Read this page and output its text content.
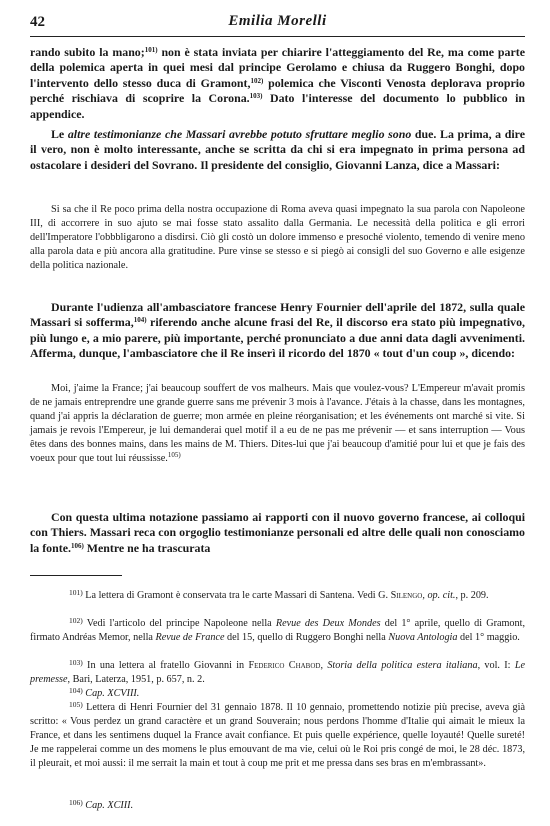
42	Emilia Morelli

rando subito la mano;$^{101)}$ non è stata inviata per chiarire l'atteggiamento del Re, ma come parte della polemica aperta in quei mesi dal principe Gerolamo e chiusa da Ruggero Bonghi, dopo l'intervento dello stesso duca di Gramont,$^{102)}$ polemica che Visconti Venosta deplorava proprio perché rischiava di scoprire la Corona.$^{103)}$ Dato l'interesse del documento lo pubblico in appendice.

Le altre testimonianze che Massari avrebbe potuto sfruttare meglio sono due. La prima, a dire il vero, non è molto interessante, anche se scritta da chi si era impegnato in prima persona ad ostacolare i desideri del Sovrano. Il presidente del consiglio, Giovanni Lanza, dice a Massari:

Si sa che il Re poco prima della nostra occupazione di Roma aveva quasi impegnato la sua parola con Napoleone III, di accorrere in suo ajuto se mai fosse stato assalito dalla Germania. Le necessità della politica e gli errori dell'Imperatore l'obbbligarono a disdirsi. Ciò gli costò un dolore immenso e presoché violento, temendo di venire meno alla parola data e più ancora alla gratitudine. Pure vinse se stesso e si piegò ai consigli del suo Governo e alle esigenze della politica nazionale.

Durante l'udienza all'ambasciatore francese Henry Fournier dell'aprile del 1872, sulla quale Massari si sofferma,$^{104)}$ riferendo anche alcune frasi del Re, il discorso era stato più impegnativo, più lungo e, a mio parere, più importante, perché pronunciato a due anni data dagli avvenimenti. Afferma, dunque, l'ambasciatore che il Re inserì il ricordo del 1870 « tout d'un coup », dicendo:

Moi, j'aime la France; j'ai beaucoup souffert de vos malheurs. Mais que voulez-vous? L'Empereur m'avait promis de ne jamais entreprendre une grande guerre sans me prévenir 3 mois à l'avance. J'étais à la chasse, dans les montagnes, quand j'ai appris la déclaration de guerre; mon armée en pleine réorganisation; et les événements ont marché si vite. Si jamais je revois l'Empereur, je lui demanderai quel motif il a eu de ne pas me prévenir — et sans interruption — Vous êtes dans des bonnes mains, dans les mains de M. Thiers. Dites-lui que j'ai beaucoup d'amitié pour lui et que je fais des voeux pour que tout lui réussisse.$^{105)}$

Con questa ultima notazione passiamo ai rapporti con il nuovo governo francese, ai colloqui con Thiers. Massari reca con orgoglio testimonianze personali ed altre delle quali non conosciamo la fonte.$^{106)}$ Mentre ne ha trascurata

$^{101)}$ La lettera di Gramont è conservata tra le carte Massari di Santena. Vedi G. Silengo, op. cit., p. 209.

$^{102)}$ Vedi l'articolo del principe Napoleone nella Revue des Deux Mondes del 1° aprile, quello di Gramont, firmato Andréas Memor, nella Revue de France del 15, quello di Ruggero Bonghi nella Nuova Antologia del 1° maggio.

$^{103)}$ In una lettera al fratello Giovanni in Federico Chabod, Storia della politica estera italiana, vol. I: Le premesse, Bari, Laterza, 1951, p. 657, n. 2.

$^{104)}$ Cap. XCVIII.

$^{105)}$ Lettera di Henri Fournier del 31 gennaio 1878. Il 10 gennaio, promettendo notizie più precise, aveva già scritto: « Vous perdez un grand caractère et un grand Souverain; nous perdons l'homme d'Italie qui aimait le mieux la France, et dans les sentimens duquel la France avait confiance. Et puis quelle expérience, quelle loyauté! Quelle sureté! Je me rappelerai comme un des momens le plus emouvant de ma vie, celui où le Roi pris congé de moi, le 28 déc. 1873, il pleurait, et moi aussi: il me serrait la main et tout à coup me prit et me pressa dans ses bras en m'embrassant».

$^{106)}$ Cap. XCIII.
